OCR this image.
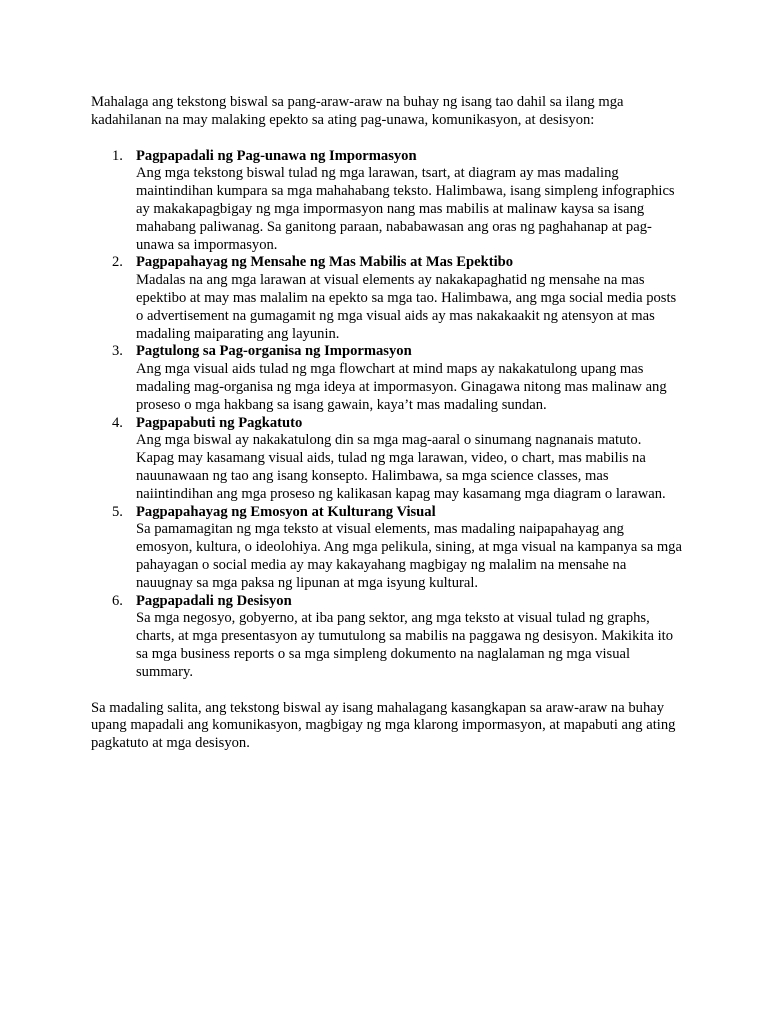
Mahalaga ang tekstong biswal sa pang-araw-araw na buhay ng isang tao dahil sa ilang mga kadahilanan na may malaking epekto sa ating pag-unawa, komunikasyon, at desisyon:

1. Pagpapadali ng Pag-unawa ng Impormasyon
Ang mga tekstong biswal tulad ng mga larawan, tsart, at diagram ay mas madaling maintindihan kumpara sa mga mahahabang teksto. Halimbawa, isang simpleng infographics ay makakapagbigay ng mga impormasyon nang mas mabilis at malinaw kaysa sa isang mahabang paliwanag. Sa ganitong paraan, nababawasan ang oras ng paghahanap at pag-unawa sa impormasyon.
2. Pagpapahayag ng Mensahe ng Mas Mabilis at Mas Epektibo
Madalas na ang mga larawan at visual elements ay nakakapaghatid ng mensahe na mas epektibo at may mas malalim na epekto sa mga tao. Halimbawa, ang mga social media posts o advertisement na gumagamit ng mga visual aids ay mas nakakaakit ng atensyon at mas madaling maiparating ang layunin.
3. Pagtulong sa Pag-organisa ng Impormasyon
Ang mga visual aids tulad ng mga flowchart at mind maps ay nakakatulong upang mas madaling mag-organisa ng mga ideya at impormasyon. Ginagawa nitong mas malinaw ang proseso o mga hakbang sa isang gawain, kaya’t mas madaling sundan.
4. Pagpapabuti ng Pagkatuto
Ang mga biswal ay nakakatulong din sa mga mag-aaral o sinumang nagnanais matuto. Kapag may kasamang visual aids, tulad ng mga larawan, video, o chart, mas mabilis na nauunawaan ng tao ang isang konsepto. Halimbawa, sa mga science classes, mas naiintindihan ang mga proseso ng kalikasan kapag may kasamang mga diagram o larawan.
5. Pagpapahayag ng Emosyon at Kulturang Visual
Sa pamamagitan ng mga teksto at visual elements, mas madaling naipapahayag ang emosyon, kultura, o ideolohiya. Ang mga pelikula, sining, at mga visual na kampanya sa mga pahayagan o social media ay may kakayahang magbigay ng malalim na mensahe na nauugnay sa mga paksa ng lipunan at mga isyung kultural.
6. Pagpapadali ng Desisyon
Sa mga negosyo, gobyerno, at iba pang sektor, ang mga teksto at visual tulad ng graphs, charts, at mga presentasyon ay tumutulong sa mabilis na paggawa ng desisyon. Makikita ito sa mga business reports o sa mga simpleng dokumento na naglalaman ng mga visual summary.

Sa madaling salita, ang tekstong biswal ay isang mahalagang kasangkapan sa araw-araw na buhay upang mapadali ang komunikasyon, magbigay ng mga klarong impormasyon, at mapabuti ang ating pagkatuto at mga desisyon.
